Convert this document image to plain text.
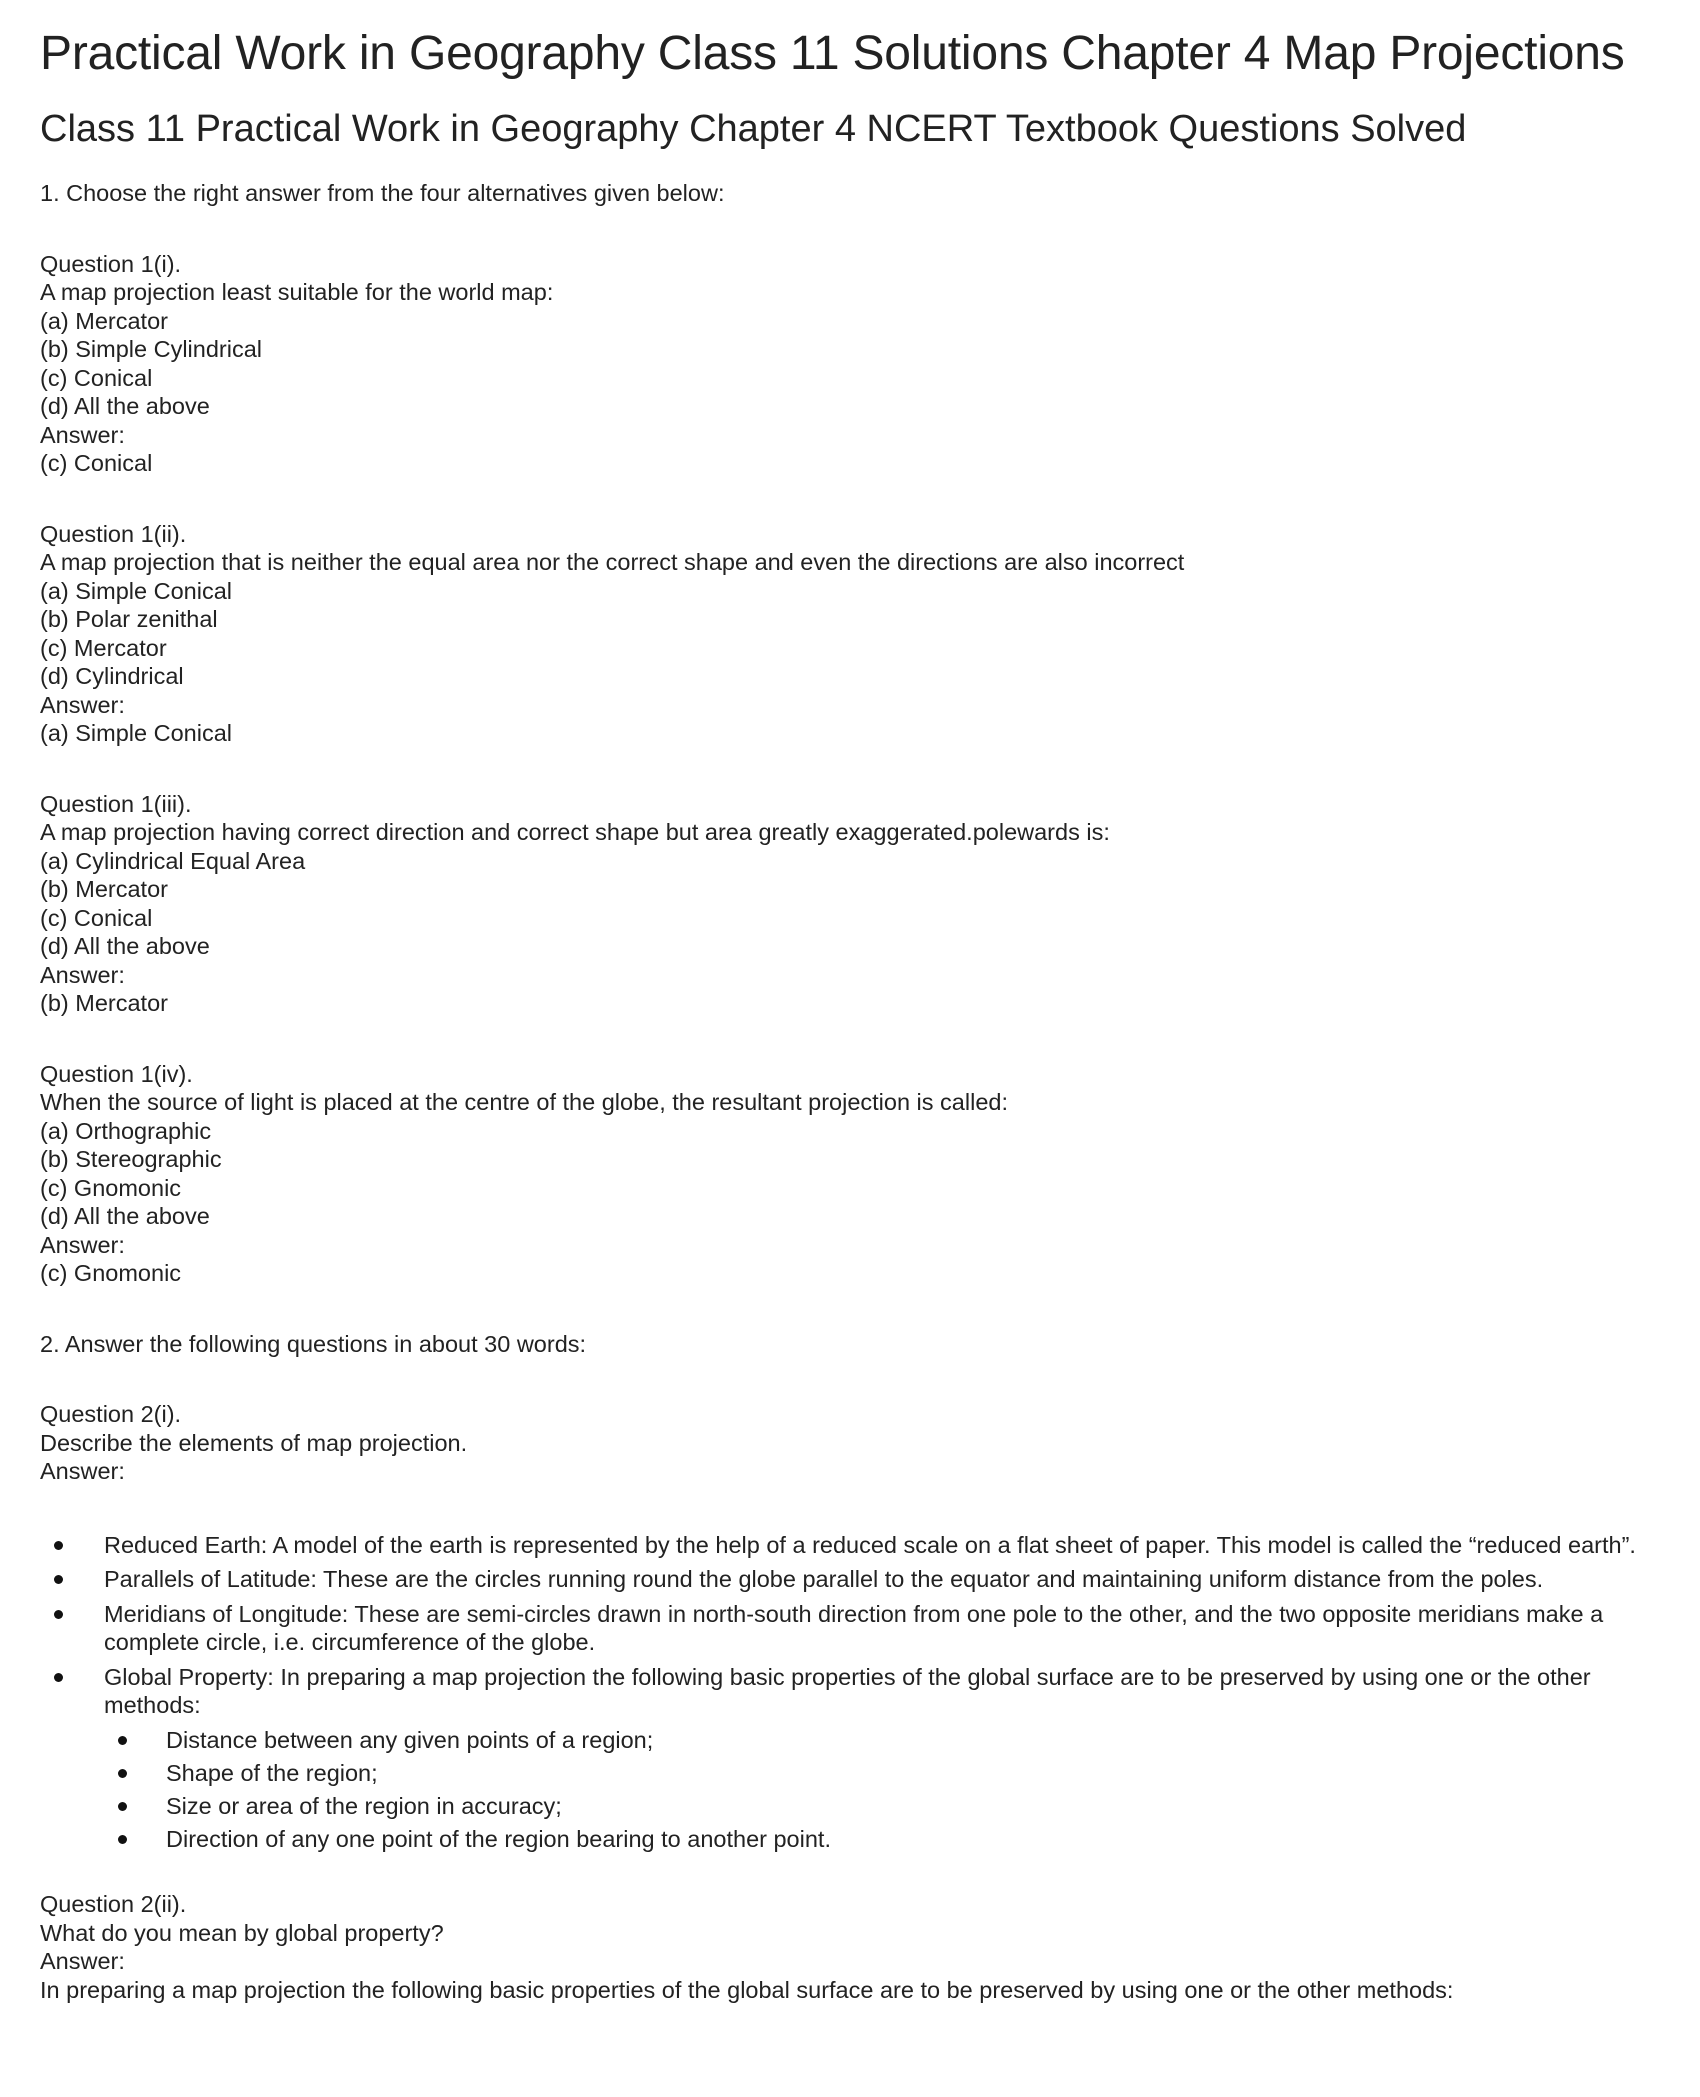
Practical Work in Geography Class 11 Solutions Chapter 4 Map Projections
Class 11 Practical Work in Geography Chapter 4 NCERT Textbook Questions Solved

1. Choose the right answer from the four alternatives given below:

Question 1(i).
A map projection least suitable for the world map:
(a) Mercator
(b) Simple Cylindrical
(c) Conical
(d) All the above
Answer:
(c) Conical

Question 1(ii).
A map projection that is neither the equal area nor the correct shape and even the directions are also incorrect
(a) Simple Conical
(b) Polar zenithal
(c) Mercator
(d) Cylindrical
Answer:
(a) Simple Conical

Question 1(iii).
A map projection having correct direction and correct shape but area greatly exaggerated.polewards is:
(a) Cylindrical Equal Area
(b) Mercator
(c) Conical
(d) All the above
Answer:
(b) Mercator

Question 1(iv).
When the source of light is placed at the centre of the globe, the resultant projection is called:
(a) Orthographic
(b) Stereographic
(c) Gnomonic
(d) All the above
Answer:
(c) Gnomonic

2. Answer the following questions in about 30 words:

Question 2(i).
Describe the elements of map projection.
Answer:

Reduced Earth: A model of the earth is represented by the help of a reduced scale on a flat sheet of paper. This model is called the “reduced earth”.
Parallels of Latitude: These are the circles running round the globe parallel to the equator and maintaining uniform distance from the poles.
Meridians of Longitude: These are semi-circles drawn in north-south direction from one pole to the other, and the two opposite meridians make a complete circle, i.e. circumference of the globe.
Global Property: In preparing a map projection the following basic properties of the global surface are to be preserved by using one or the other methods:
Distance between any given points of a region;
Shape of the region;
Size or area of the region in accuracy;
Direction of any one point of the region bearing to another point.

Question 2(ii).
What do you mean by global property?
Answer:
In preparing a map projection the following basic properties of the global surface are to be preserved by using one or the other methods:
